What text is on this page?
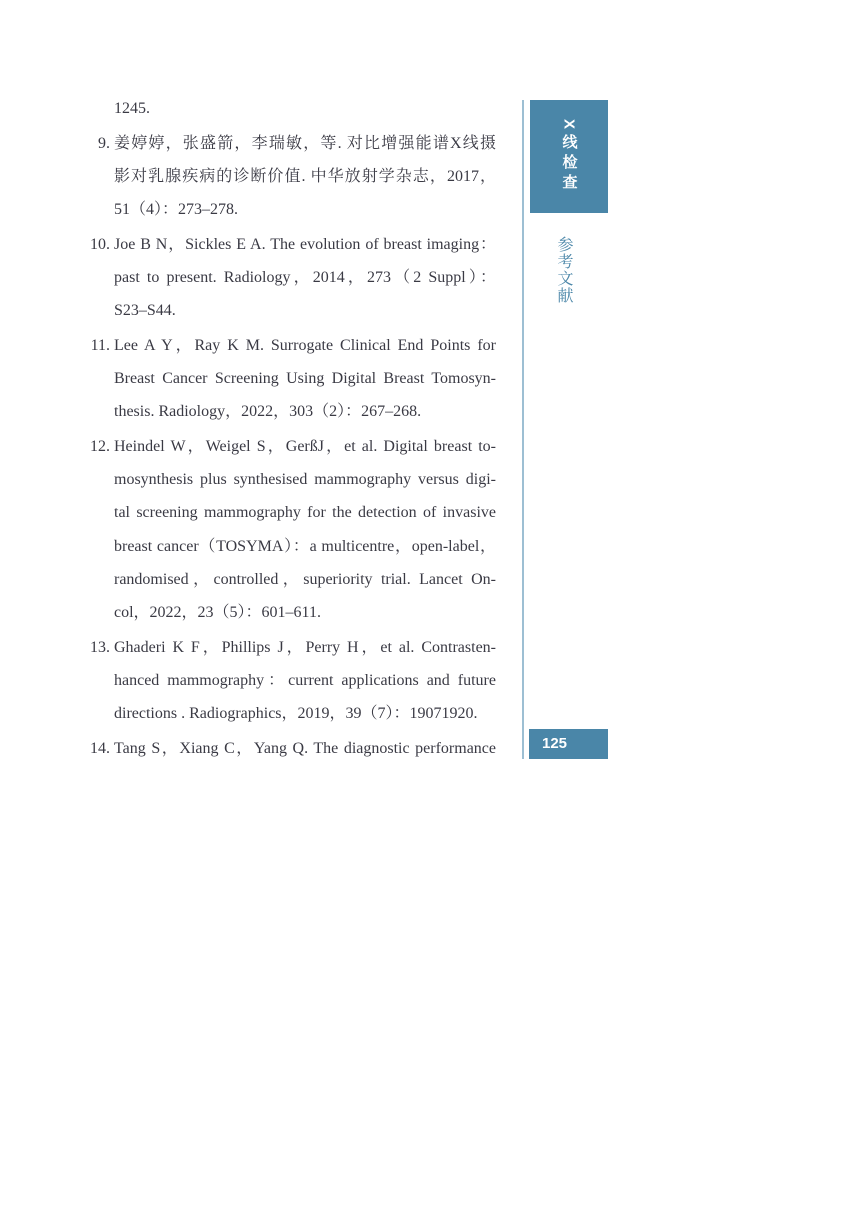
1245.
9. 姜婷婷，张盛箭，李瑞敏，等. 对比增强能谱X线摄
影对乳腺疾病的诊断价值. 中华放射学杂志，2017，
51（4）：273–278.
10. Joe B N，Sickles E A. The evolution of breast imaging：
past to present. Radiology，2014，273（2 Suppl）：
S23–S44.
11. Lee A Y，Ray K M. Surrogate Clinical End Points for
Breast Cancer Screening Using Digital Breast Tomosyn-
thesis. Radiology，2022，303（2）：267–268.
12. Heindel W，Weigel S，GerßJ，et al. Digital breast to-
mosynthesis plus synthesised mammography versus digi-
tal screening mammography for the detection of invasive
breast cancer（TOSYMA）：a multicentre，open-label，
randomised，controlled，superiority trial. Lancet On-
col，2022，23（5）：601–611.
13. Ghaderi K F，Phillips J，Perry H，et al. Contrasten-
hanced mammography：current applications and future
directions . Radiographics，2019，39（7）：19071920.
14. Tang S，Xiang C，Yang Q. The diagnostic performance
X线检查
参考文献
125
